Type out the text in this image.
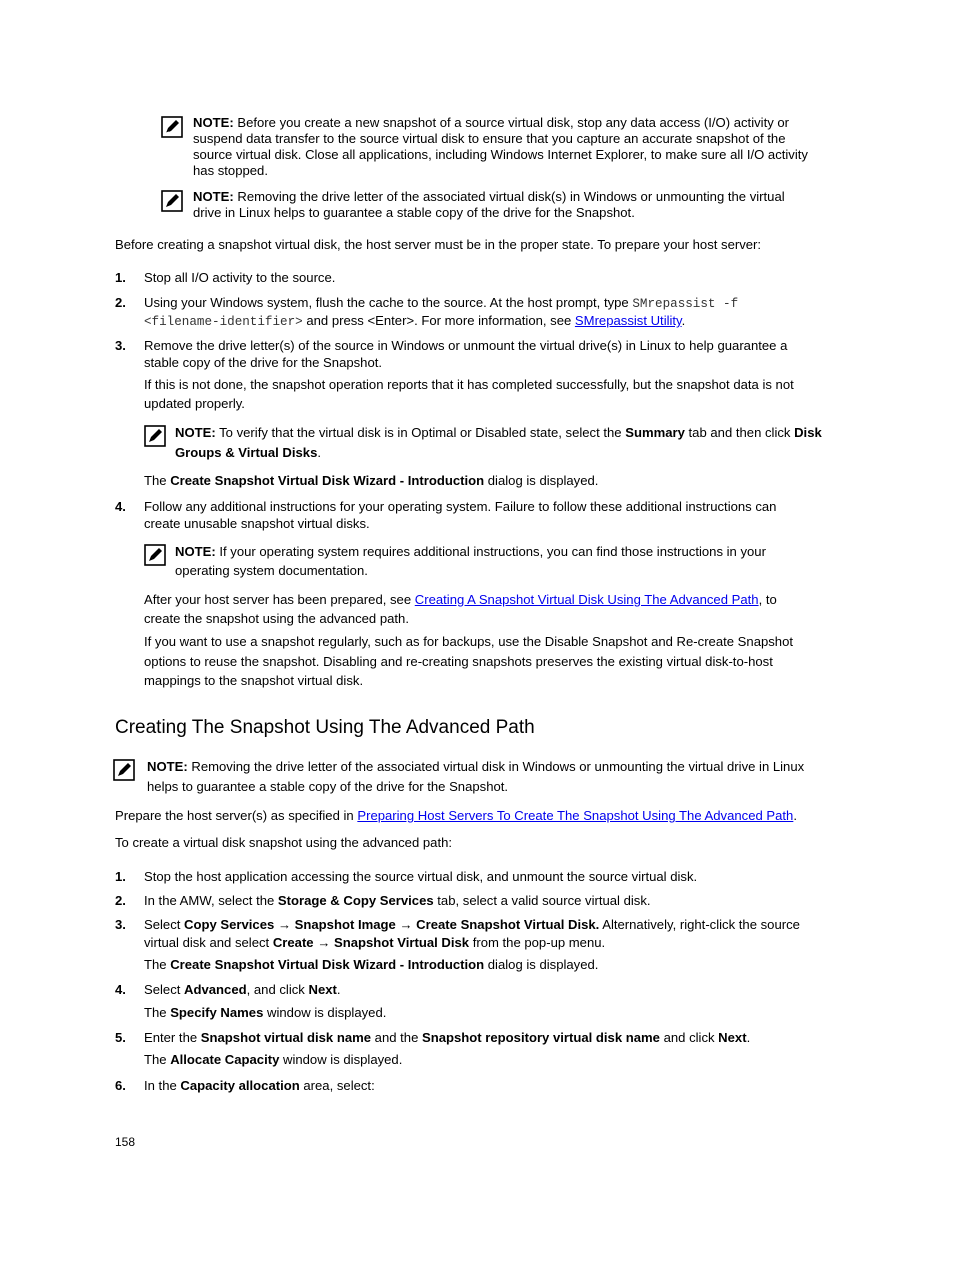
NOTE: Before you create a new snapshot of a source virtual disk, stop any data access (I/O) activity or
suspend data transfer to the source virtual disk to ensure that you capture an accurate snapshot of the
source virtual disk. Close all applications, including Windows Internet Explorer, to make sure all I/O activity
has stopped.
NOTE: Removing the drive letter of the associated virtual disk(s) in Windows or unmounting the virtual
drive in Linux helps to guarantee a stable copy of the drive for the Snapshot.
Before creating a snapshot virtual disk, the host server must be in the proper state. To prepare your host server:
1. Stop all I/O activity to the source.
2. Using your Windows system, flush the cache to the source. At the host prompt, type SMrepassist -f
<filename-identifier> and press <Enter>. For more information, see SMrepassist Utility.
3. Remove the drive letter(s) of the source in Windows or unmount the virtual drive(s) in Linux to help guarantee a
stable copy of the drive for the Snapshot.
If this is not done, the snapshot operation reports that it has completed successfully, but the snapshot data is not
updated properly.
NOTE: To verify that the virtual disk is in Optimal or Disabled state, select the Summary tab and then click Disk
Groups & Virtual Disks.
The Create Snapshot Virtual Disk Wizard - Introduction dialog is displayed.
4. Follow any additional instructions for your operating system. Failure to follow these additional instructions can
create unusable snapshot virtual disks.
NOTE: If your operating system requires additional instructions, you can find those instructions in your
operating system documentation.
After your host server has been prepared, see Creating A Snapshot Virtual Disk Using The Advanced Path, to
create the snapshot using the advanced path.
If you want to use a snapshot regularly, such as for backups, use the Disable Snapshot and Re-create Snapshot
options to reuse the snapshot. Disabling and re-creating snapshots preserves the existing virtual disk-to-host
mappings to the snapshot virtual disk.
Creating The Snapshot Using The Advanced Path
NOTE: Removing the drive letter of the associated virtual disk in Windows or unmounting the virtual drive in Linux
helps to guarantee a stable copy of the drive for the Snapshot.
Prepare the host server(s) as specified in Preparing Host Servers To Create The Snapshot Using The Advanced Path.
To create a virtual disk snapshot using the advanced path:
1. Stop the host application accessing the source virtual disk, and unmount the source virtual disk.
2. In the AMW, select the Storage & Copy Services tab, select a valid source virtual disk.
3. Select Copy Services → Snapshot Image → Create Snapshot Virtual Disk. Alternatively, right-click the source
virtual disk and select Create → Snapshot Virtual Disk from the pop-up menu.
The Create Snapshot Virtual Disk Wizard - Introduction dialog is displayed.
4. Select Advanced, and click Next.
The Specify Names window is displayed.
5. Enter the Snapshot virtual disk name and the Snapshot repository virtual disk name and click Next.
The Allocate Capacity window is displayed.
6. In the Capacity allocation area, select:
158
